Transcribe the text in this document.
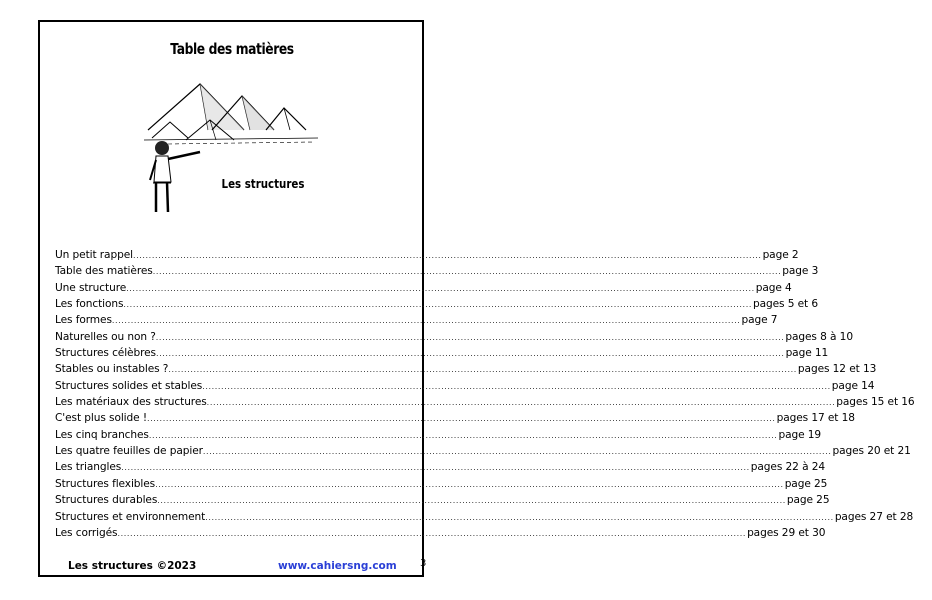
Table des matières
Les structures
Un petit rappel ........................................................................................................................................................................................................ page 2
Table des matières ........................................................................................................................................................................................................ page 3
Une structure ........................................................................................................................................................................................................ page 4
Les fonctions ........................................................................................................................................................................................................ pages 5 et 6
Les formes ........................................................................................................................................................................................................ page 7
Naturelles ou non ? ........................................................................................................................................................................................................ pages 8 à 10
Structures célèbres ........................................................................................................................................................................................................ page 11
Stables ou instables ? ........................................................................................................................................................................................................ pages 12 et 13
Structures solides et stables ........................................................................................................................................................................................................ page 14
Les matériaux des structures ........................................................................................................................................................................................................ pages 15 et 16
C'est plus solide ! ........................................................................................................................................................................................................ pages 17 et 18
Les cinq branches ........................................................................................................................................................................................................ page 19
Les quatre feuilles de papier ........................................................................................................................................................................................................ pages 20 et 21
Les triangles ........................................................................................................................................................................................................ pages 22 à 24
Structures flexibles ........................................................................................................................................................................................................ page 25
Structures durables ........................................................................................................................................................................................................ page 25
Structures et environnement ........................................................................................................................................................................................................ pages 27 et 28
Les corrigés ........................................................................................................................................................................................................ pages 29 et 30
Les structures ©2023	www.cahiersng.com 3
